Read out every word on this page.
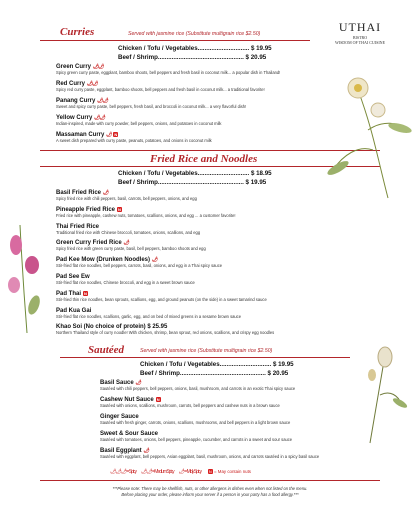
UTHAI
BISTRO
WISDOM OF THAI CUISINE
Curries	Served with jasmine rice (Substitute multigrain rice $2.50)
Chicken / Tofu / Vegetables.............................. $ 19.95
Beef / Shrimp.................................................. $ 20.95
Green Curry 🌶🌶
Spicy green curry paste, eggplant, bamboo shoots, bell peppers and fresh basil in coconut milk... a popular dish in Thailand!
Red Curry 🌶🌶
Spicy red curry paste, eggplant, bamboo shoots, bell peppers and fresh basil in coconut milk... a traditional favorite!
Panang Curry 🌶🌶
Sweet and spicy curry paste, bell peppers, fresh basil, and broccoli in coconut milk... a very flavorful dish!
Yellow Curry 🌶🌶
Indian-inspired, made with curry powder, bell peppers, onions, and potatoes in coconut milk
Massaman Curry 🌶 N
A sweet dish prepared with curry paste, peanuts, potatoes, and onions in coconut milk
Fried Rice and Noodles
Chicken / Tofu / Vegetables.............................. $ 18.95
Beef / Shrimp.................................................. $ 19.95
Basil Fried Rice 🌶
Spicy fried rice with chili peppers, basil, carrots, bell peppers, onions, and egg
Pineapple Fried Rice N
Fried rice with pineapple, cashew nuts, tomatoes, scallions, onions, and egg ... a customer favorite!
Thai Fried Rice
Traditional fried rice with Chinese broccoli, tomatoes, onions, scallions, and egg
Green Curry Fried Rice 🌶
Spicy fried rice with green curry paste, basil, bell peppers, bamboo shoots and egg
Pad Kee Mow (Drunken Noodles) 🌶
Stir-fried flat rice noodles, bell peppers, carrots, basil, onions, and egg in a Thai spicy sauce
Pad See Ew
Stir-fried flat rice noodles, Chinese broccoli, and egg in a sweet brown sauce
Pad Thai N
Stir-fried thin rice noodles, bean sprouts, scallions, egg, and ground peanuts (on the side) in a sweet tamarind sauce
Pad Kua Gai
Stir-fried flat rice noodles, scallions, garlic, egg, and on bed of mixed greens in a sesame brown sauce
Khao Soi (No choice of protein) $ 25.95
Northern Thailand style of curry noodle! With chicken, shrimp, bean sprout, red onions, scallions, and crispy egg noodles
Sautéed	Served with jasmine rice (Substitute multigrain rice $2.50)
Chicken / Tofu / Vegetables.............................. $ 19.95
Beef / Shrimp.................................................. $ 20.95
Basil Sauce 🌶
Sautéed with chili peppers, bell peppers, onions, basil, mushroom, and carrots in an exotic Thai spicy sauce
Cashew Nut Sauce N
Sautéed with onions, scallions, mushroom, carrots, bell peppers and cashew nuts in a brown sauce
Ginger Sauce
Sautéed with fresh ginger, carrots, onions, scallions, mushrooms, and bell peppers in a light brown sauce
Sweet & Sour Sauce
Sautéed with tomatoes, onions, bell peppers, pineapple, cucumber, and carrots in a sweet and sour sauce
Basil Eggplant 🌶
Sautéed with eggplant, bell peppers, Asian eggplant, basil, mushroom, onions, and carrots sautéed in a spicy basil sauce
🌶🌶🌶 = Spicy 🌶🌶 = Medium Spicy 🌶 = Mildly Spicy N = May contain nuts
***Please note: There may be shellfish, nuts, or other allergens in dishes even when not listed on the menu.
Before placing your order, please inform your server if a person in your party has a food allergy.***
